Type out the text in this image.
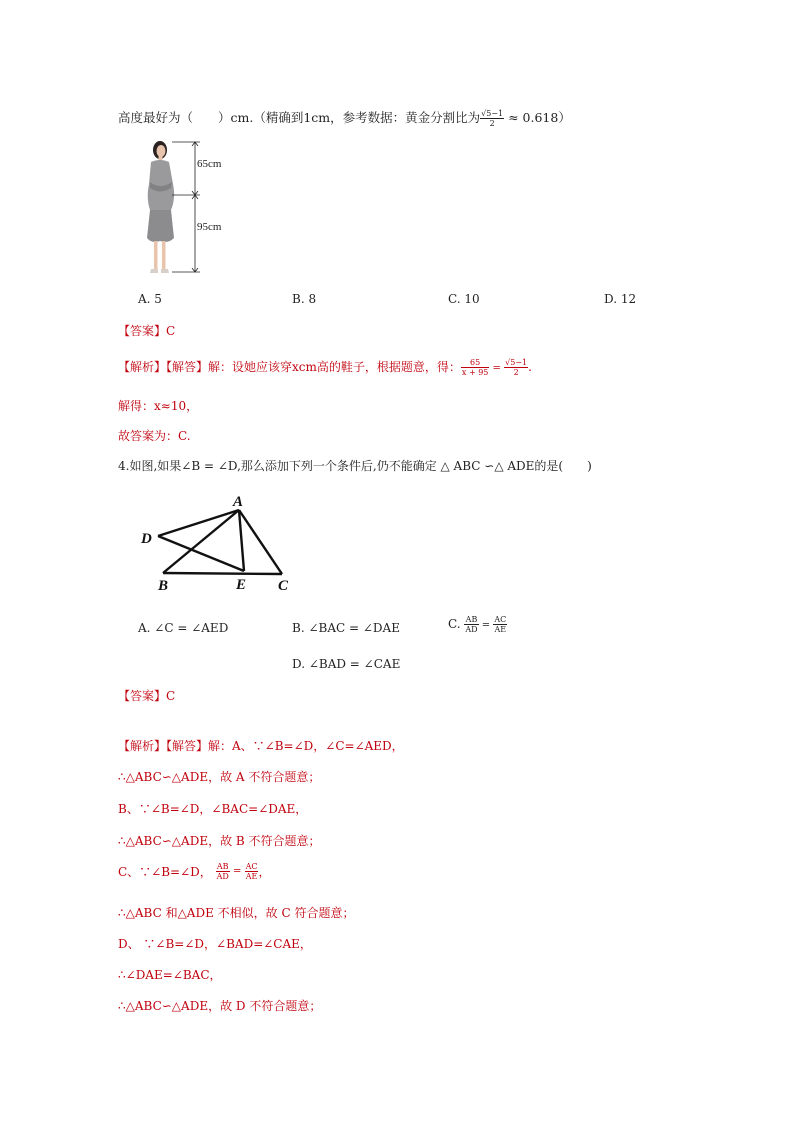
高度最好为（　　）cm.（精确到1cm，参考数据：黄金分割比为 $\frac{√5-1}{2} \approx 0.618$）
65cm
95cm
A. 5	B. 8	C. 10	D. 12
【答案】C
【解析】【解答】解：设她应该穿xcm高的鞋子，根据题意，得： $\frac{65}{x + 95} = \frac{√5-1}{2}$ .
解得：x≈10，
故答案为：C.
4.如图,如果∠B = ∠D,那么添加下列一个条件后,仍不能确定 △ ABC ∽△ ADE的是(　　)
A
D
B	E C
A. ∠C = ∠AED	B. ∠BAC = ∠DAE	C. $\frac{AB}{AD} = \frac{AC}{AE}$
D. ∠BAD = ∠CAE
【答案】C
【解析】【解答】解：A、∵∠B=∠D，∠C=∠AED，
∴△ABC∽△ADE，故 A 不符合题意；
B、∵∠B=∠D，∠BAC=∠DAE，
∴△ABC∽△ADE，故 B 不符合题意；
C、∵∠B=∠D， $\frac{AB}{AD} = \frac{AC}{AE}$ ，
∴△ABC 和△ADE 不相似，故 C 符合题意；
D、 ∵∠B=∠D，∠BAD=∠CAE，
∴∠DAE=∠BAC，
∴△ABC∽△ADE，故 D 不符合题意；
